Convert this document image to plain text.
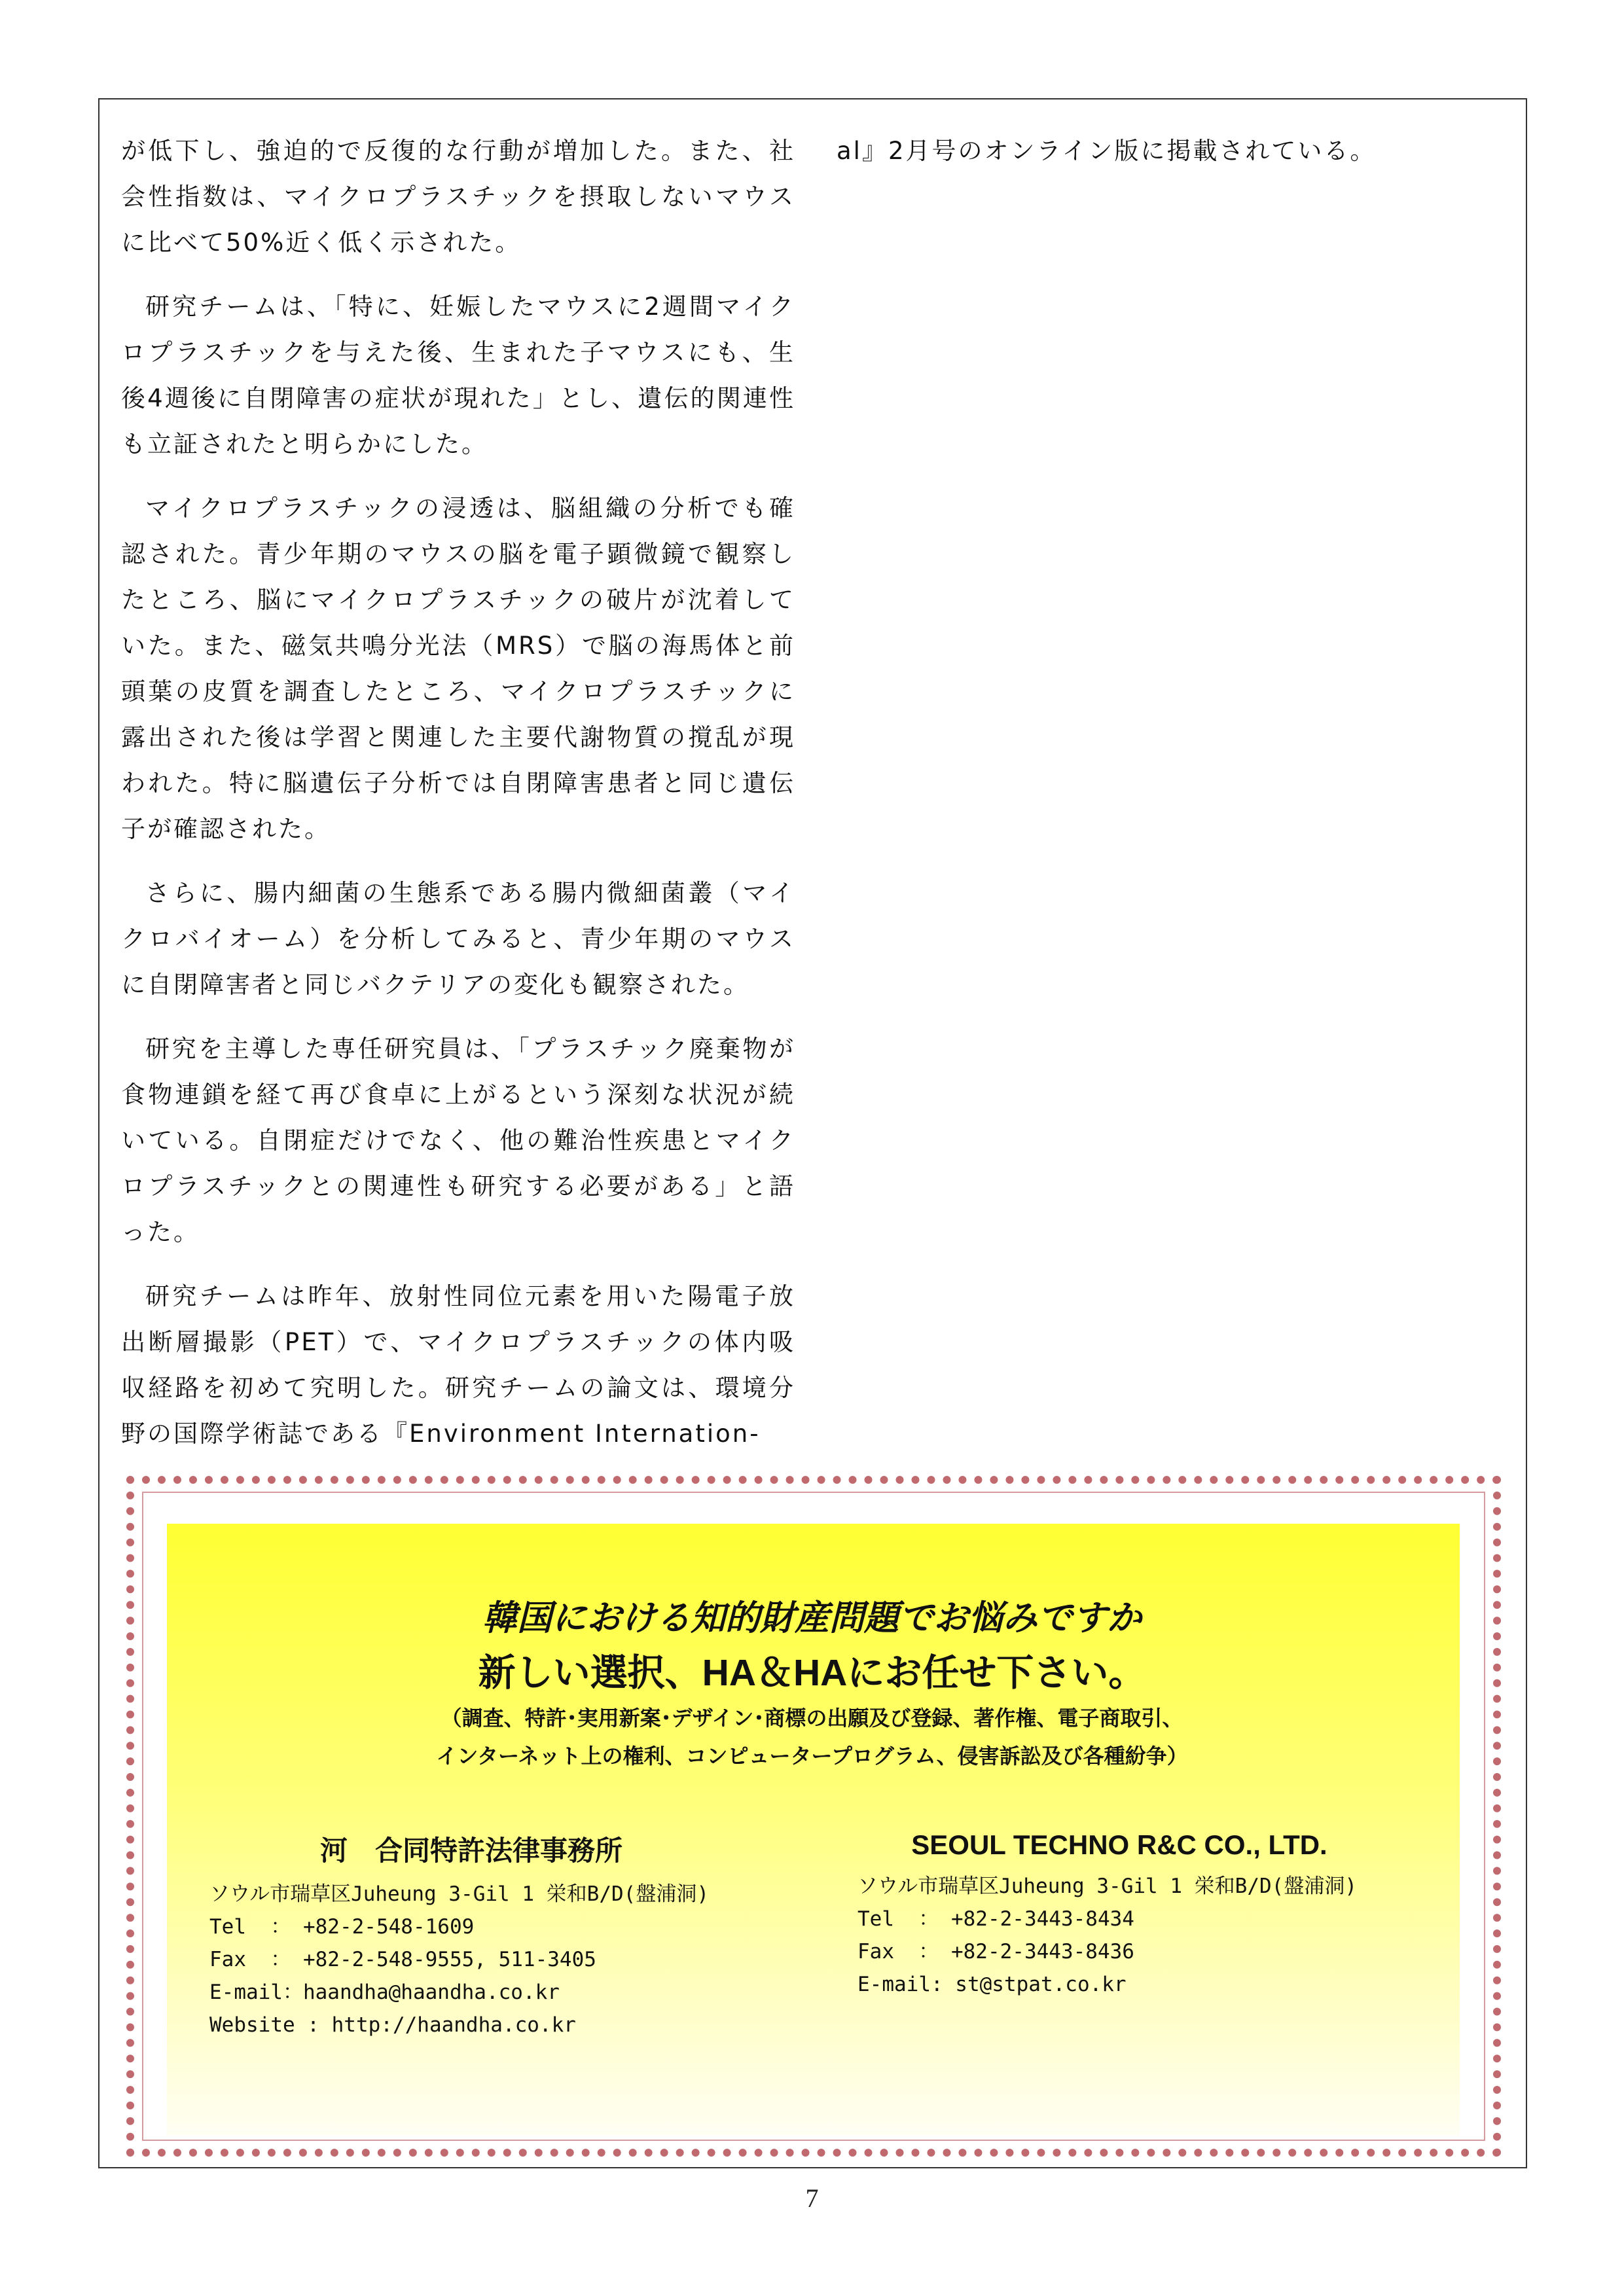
が低下し、強迫的で反復的な行動が増加した。また、社会性指数は、マイクロプラスチックを摂取しないマウスに比べて50%近く低く示された。

研究チームは、「特に、妊娠したマウスに2週間マイクロプラスチックを与えた後、生まれた子マウスにも、生後4週後に自閉障害の症状が現れた」とし、遺伝的関連性も立証されたと明らかにした。

マイクロプラスチックの浸透は、脳組織の分析でも確認された。青少年期のマウスの脳を電子顕微鏡で観察したところ、脳にマイクロプラスチックの破片が沈着していた。また、磁気共鳴分光法（MRS）で脳の海馬体と前頭葉の皮質を調査したところ、マイクロプラスチックに露出された後は学習と関連した主要代謝物質の撹乱が現われた。特に脳遺伝子分析では自閉障害患者と同じ遺伝子が確認された。

さらに、腸内細菌の生態系である腸内微細菌叢（マイクロバイオーム）を分析してみると、青少年期のマウスに自閉障害者と同じバクテリアの変化も観察された。

研究を主導した専任研究員は、「プラスチック廃棄物が食物連鎖を経て再び食卓に上がるという深刻な状況が続いている。自閉症だけでなく、他の難治性疾患とマイクロプラスチックとの関連性も研究する必要がある」と語った。

研究チームは昨年、放射性同位元素を用いた陽電子放出断層撮影（PET）で、マイクロプラスチックの体内吸収経路を初めて究明した。研究チームの論文は、環境分野の国際学術誌である『Environment Internation-

al』2月号のオンライン版に掲載されている。

韓国における知的財産問題でお悩みですか
新しい選択、HA＆HAにお任せ下さい。
（調査、特許･実用新案･デザイン･商標の出願及び登録、著作権、電子商取引、
インターネット上の権利、コンピュータープログラム、侵害訴訟及び各種紛争）
河　合同特許法律事務所
ソウル市瑞草区Juheung 3-Gil 1 栄和B/D(盤浦洞)
Tel  ： +82-2-548-1609
Fax  ： +82-2-548-9555, 511-3405
E-mail：haandha@haandha.co.kr
Website : http://haandha.co.kr
SEOUL TECHNO R&C CO., LTD.
ソウル市瑞草区Juheung 3-Gil 1 栄和B/D(盤浦洞)
Tel  ： +82-2-3443-8434
Fax  ： +82-2-3443-8436
E-mail: st@stpat.co.kr
7
